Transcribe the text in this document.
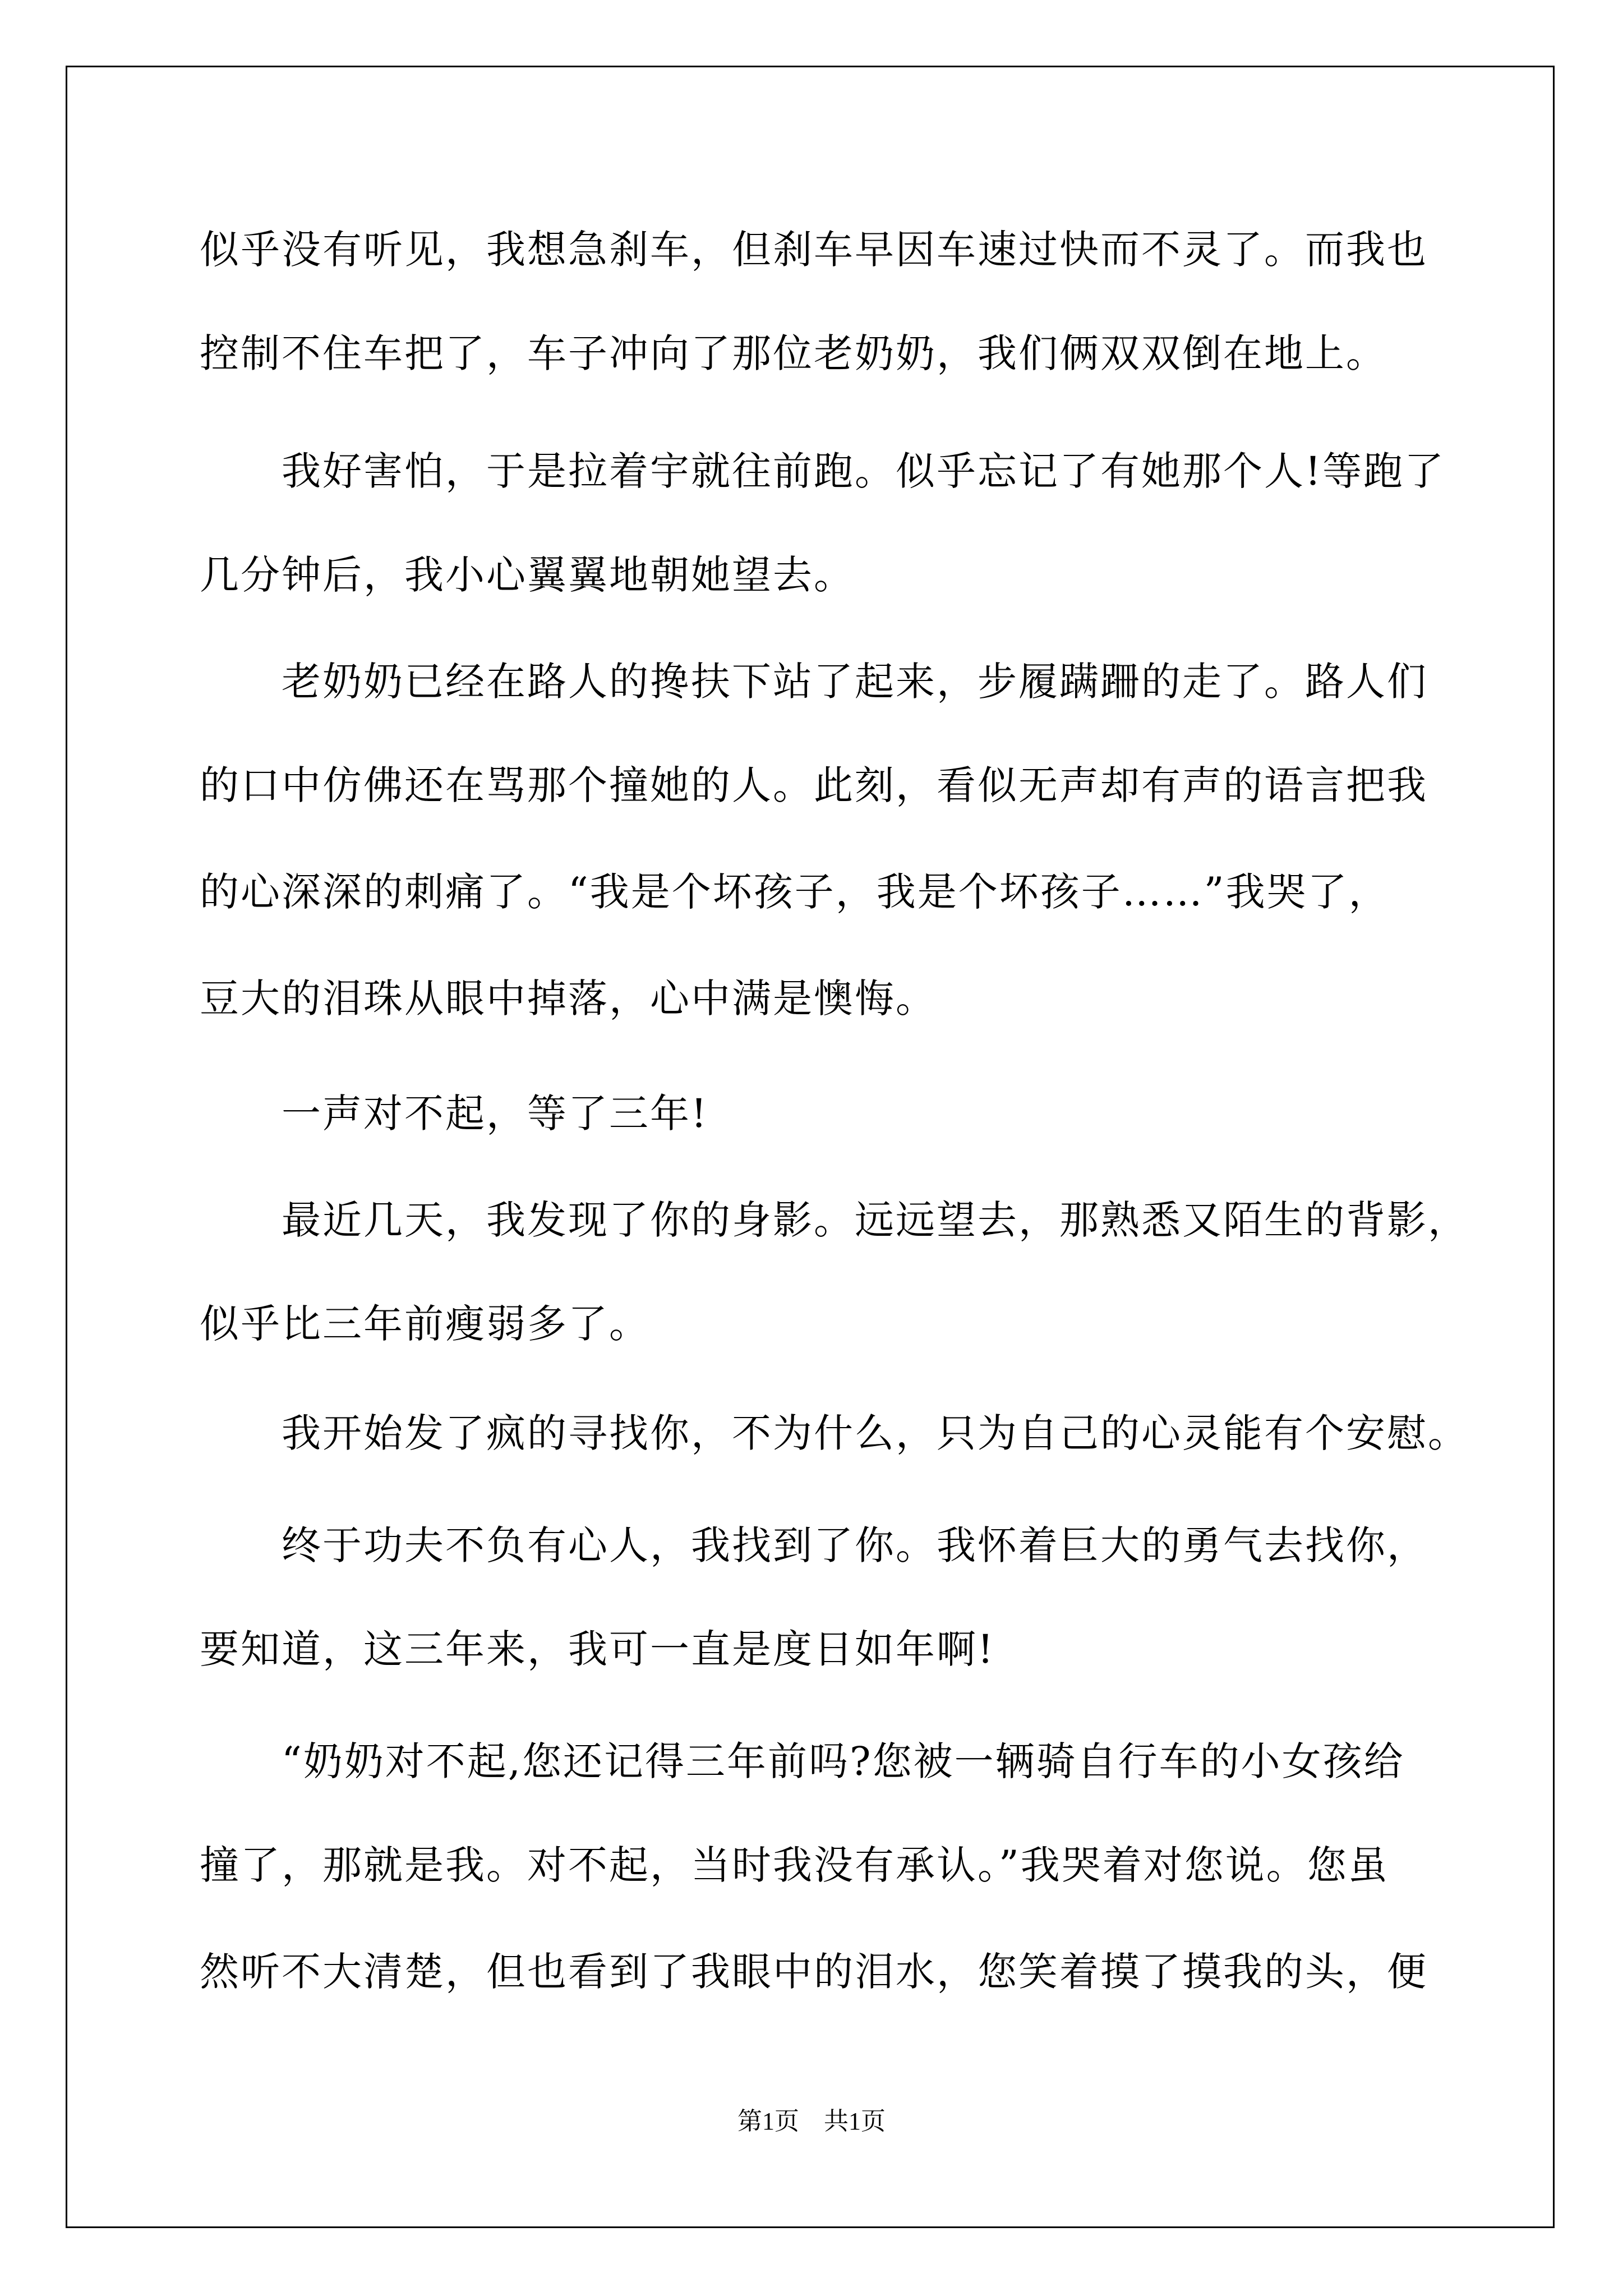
似乎没有听见，我想急刹车，但刹车早因车速过快而不灵了。而我也
控制不住车把了，车子冲向了那位老奶奶，我们俩双双倒在地上。
我好害怕，于是拉着宇就往前跑。似乎忘记了有她那个人!等跑了
几分钟后，我小心翼翼地朝她望去。
老奶奶已经在路人的搀扶下站了起来，步履蹒跚的走了。路人们
的口中仿佛还在骂那个撞她的人。此刻，看似无声却有声的语言把我
的心深深的刺痛了。“我是个坏孩子，我是个坏孩子……”我哭了，
豆大的泪珠从眼中掉落，心中满是懊悔。
一声对不起，等了三年!
最近几天，我发现了你的身影。远远望去，那熟悉又陌生的背影，
似乎比三年前瘦弱多了。
我开始发了疯的寻找你，不为什么，只为自己的心灵能有个安慰。
终于功夫不负有心人，我找到了你。我怀着巨大的勇气去找你，
要知道，这三年来，我可一直是度日如年啊!
“奶奶对不起,您还记得三年前吗?您被一辆骑自行车的小女孩给
撞了，那就是我。对不起，当时我没有承认。”我哭着对您说。您虽
然听不大清楚，但也看到了我眼中的泪水，您笑着摸了摸我的头，便
第1页　共1页
